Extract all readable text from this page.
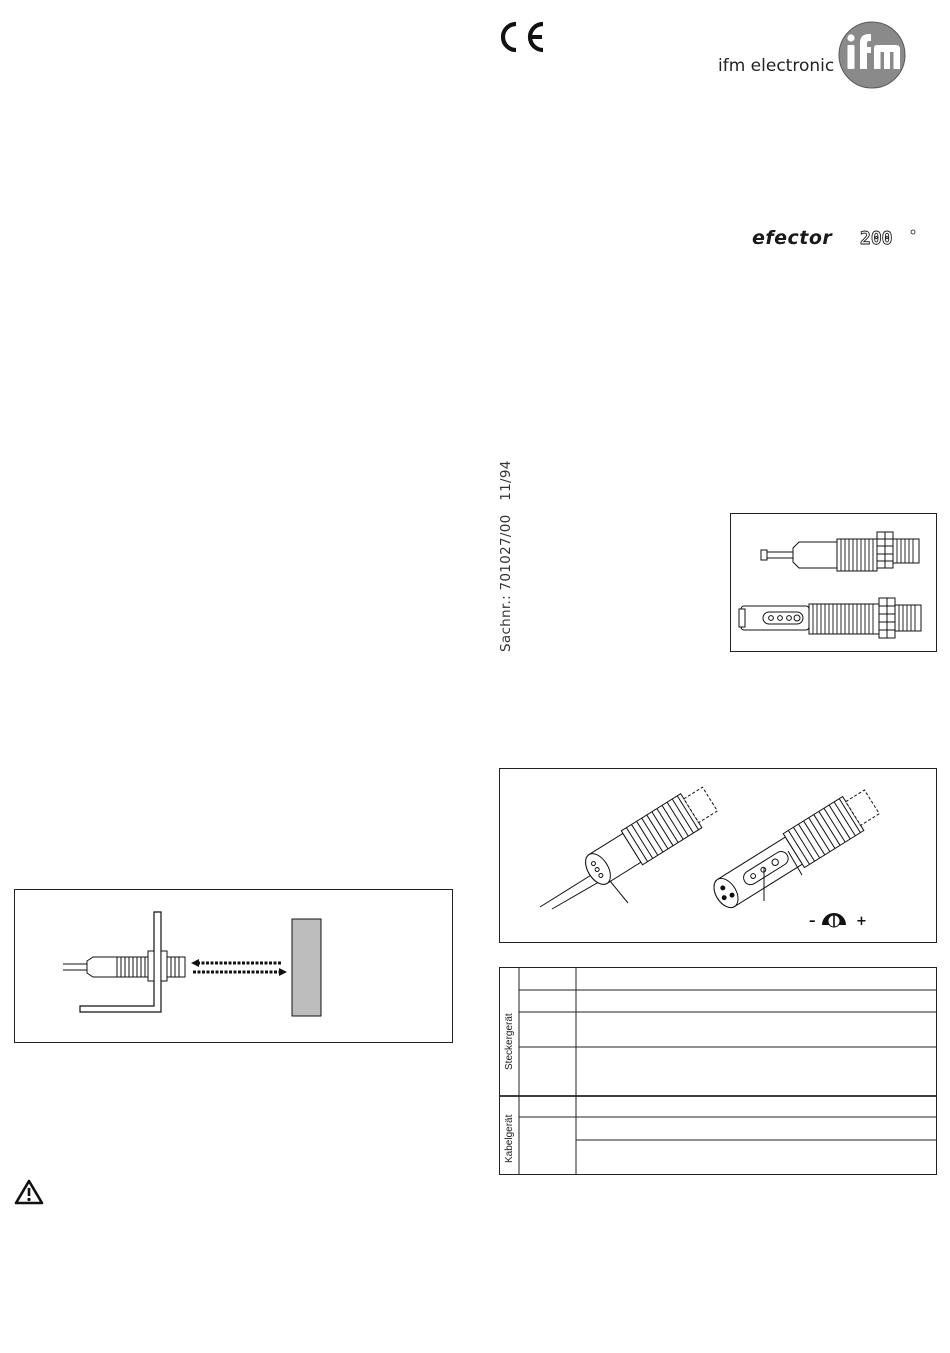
ifm electronic
efector 200
Sachnr.: 701027/00   11/94
–	+
Steckergerät
Kabelgerät
